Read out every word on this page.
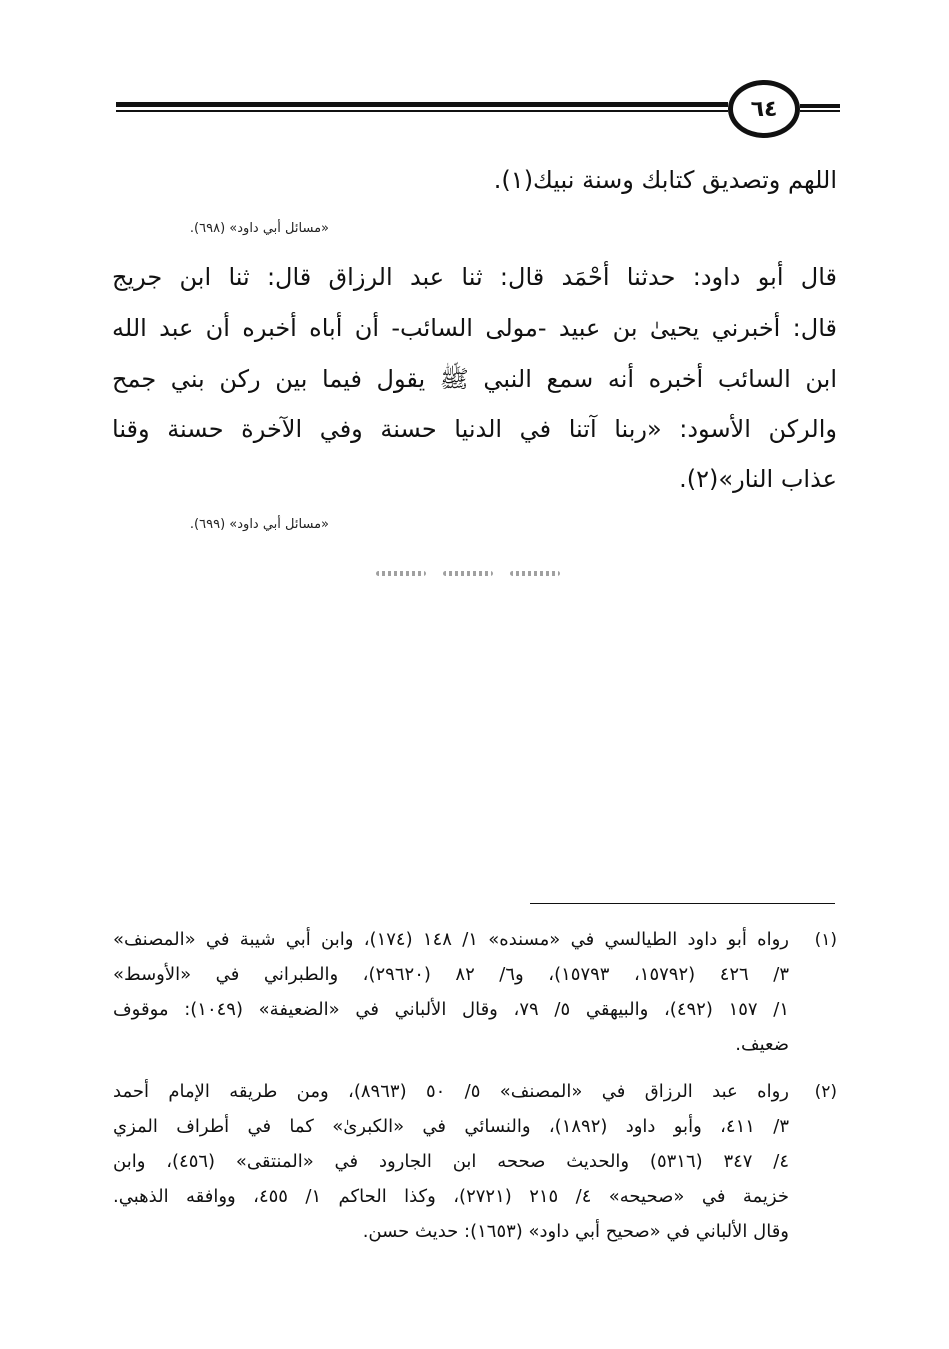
٦٤
اللهم وتصديق كتابك وسنة نبيك(١).
«مسائل أبي داود» (٦٩٨).
قال أبو داود: حدثنا أحْمَد قال: ثنا عبد الرزاق قال: ثنا ابن جريج
قال: أخبرني يحيىٰ بن عبيد -مولى السائب- أن أباه أخبره أن عبد الله
ابن السائب أخبره أنه سمع النبي ﷺ يقول فيما بين ركن بني جمح
والركن الأسود: «ربنا آتنا في الدنيا حسنة وفي الآخرة حسنة وقنا
عذاب النار»(٢).
«مسائل أبي داود» (٦٩٩).
(١)
رواه أبو داود الطيالسي في «مسنده» ١/ ١٤٨ (١٧٤)، وابن أبي شيبة في «المصنف»
٣/ ٤٢٦ (١٥٧٩٢، ١٥٧٩٣)، و٦/ ٨٢ (٢٩٦٢٠)، والطبراني في «الأوسط»
١/ ١٥٧ (٤٩٢)، والبيهقي ٥/ ٧٩، وقال الألباني في «الضعيفة» (١٠٤٩): موقوف
ضعيف.
(٢)
رواه عبد الرزاق في «المصنف» ٥/ ٥٠ (٨٩٦٣)، ومن طريقه الإمام أحمد
٣/ ٤١١، وأبو داود (١٨٩٢)، والنسائي في «الكبرىٰ» كما في أطراف المزي
٤/ ٣٤٧ (٥٣١٦) والحديث صححه ابن الجارود في «المنتقى» (٤٥٦)، وابن
خزيمة في «صحيحه» ٤/ ٢١٥ (٢٧٢١)، وكذا الحاكم ١/ ٤٥٥، ووافقه الذهبي.
وقال الألباني في «صحيح أبي داود» (١٦٥٣): حديث حسن.
